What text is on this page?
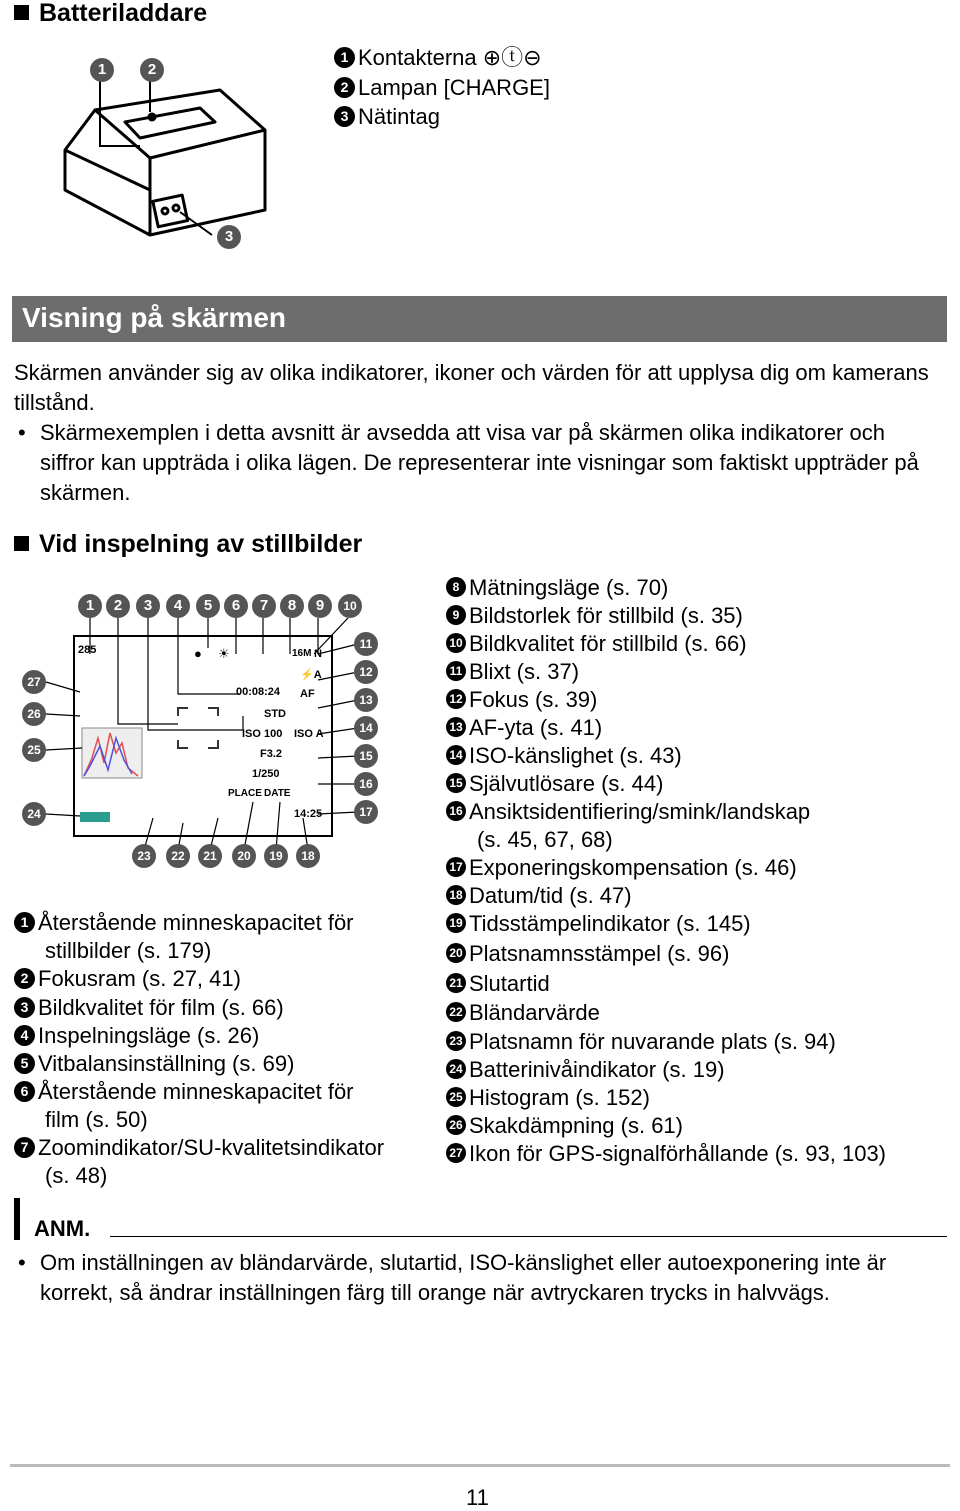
Batteriladdare
1	2
3
1 Kontakterna ⊕ⓣ⊖
2 Lampan [CHARGE]
3 Nätintag
Visning på skärmen
Skärmen använder sig av olika indikatorer, ikoner och värden för att upplysa dig om kamerans tillstånd.
• Skärmexemplen i detta avsnitt är avsedda att visa var på skärmen olika indikatorer och siffror kan uppträda i olika lägen. De representerar inte visningar som faktiskt uppträder på skärmen.
Vid inspelning av stillbilder
285
00:08:24
STD
ISO 100 ISO A
F3.2
1/250
PLACE DATE
14:25
16M N
AF
⚡A
● ☀
1	2	3	4	5	6	7	8	9	10
11
12
13
14
15
16
17
23	22	21	20	19	18
27
26
25
24
1 Återstående minneskapacitet för
stillbilder (s. 179)
2 Fokusram (s. 27, 41)
3 Bildkvalitet för film (s. 66)
4 Inspelningsläge (s. 26)
5 Vitbalansinställning (s. 69)
6 Återstående minneskapacitet för
film (s. 50)
7 Zoomindikator/SU-kvalitetsindikator
(s. 48)
8 Mätningsläge (s. 70)
9 Bildstorlek för stillbild (s. 35)
10 Bildkvalitet för stillbild (s. 66)
11 Blixt (s. 37)
12 Fokus (s. 39)
13 AF-yta (s. 41)
14 ISO-känslighet (s. 43)
15 Självutlösare (s. 44)
16 Ansiktsidentifiering/smink/landskap
(s. 45, 67, 68)
17 Exponeringskompensation (s. 46)
18 Datum/tid (s. 47)
19 Tidsstämpelindikator (s. 145)
20 Platsnamnsstämpel (s. 96)
21 Slutartid
22 Bländarvärde
23 Platsnamn för nuvarande plats (s. 94)
24 Batterinivåindikator (s. 19)
25 Histogram (s. 152)
26 Skakdämpning (s. 61)
27 Ikon för GPS-signalförhållande (s. 93, 103)
ANM.
• Om inställningen av bländarvärde, slutartid, ISO-känslighet eller autoexponering inte är korrekt, så ändrar inställningen färg till orange när avtryckaren trycks in halvvägs.
11
